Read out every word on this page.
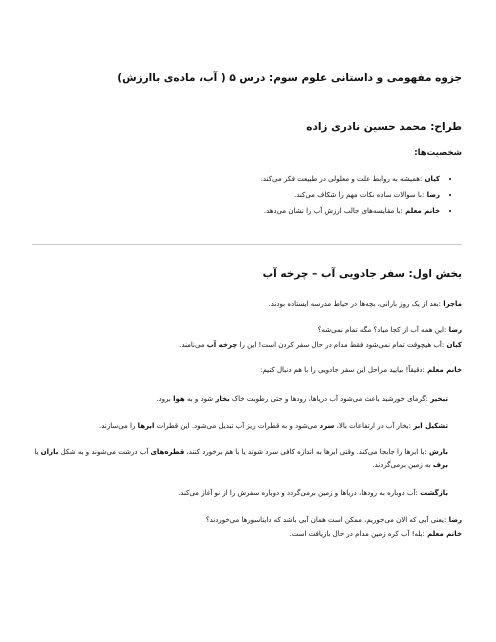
جزوه مفهومی و داستانی علوم سوم: درس ۵ ( آب، ماده‌ی باارزش)
طراح: محمد حسین نادری زاده
شخصیت‌ها:
• کیان :همیشه به روابط علت و معلولی در طبیعت فکر می‌کند.
• رضا :با سوالات ساده نکات مهم را شکاف می‌کند.
• خانم معلم :با مقایسه‌های جالب ارزش آب را نشان می‌دهد.
بخش اول: سفر جادویی آب – چرخه آب

ماجرا :بعد از یک روز بارانی، بچه‌ها در حیاط مدرسه ایستاده بودند.

رضا :این همه آب از کجا میاد؟ مگه تمام نمی‌شه؟

کیان :آب هیچوقت تمام نمی‌شود فقط مدام در حال سفر کردن است! این را چرخه آب می‌نامند.

خانم معلم :دقیقاً! بیایید مراحل این سفر جادویی را با هم دنبال کنیم:

تبخیر :گرمای خورشید باعث می‌شود آب دریاها، رودها و حتی رطوبت خاک بخار شود و به هوا برود.

تشکیل ابر :بخار آب در ارتفاعات بالا، سرد می‌شود و به قطرات ریز آب تبدیل می‌شود. این قطرات ابرها را می‌سازند.

بارش :با ابرها را جابجا می‌کند. وقتی ابرها به اندازه کافی سرد شوند یا با هم برخورد کنند، قطره‌های آب درشت می‌شوند و به شکل باران یا برف به زمین برمی‌گردند.

بازگشت :آب دوباره به رودها، دریاها و زمین برمی‌گردد و دوباره سفرش را از نو آغاز می‌کند.

رضا :یعنی آبی که الان می‌خوریم، ممکن است همان آبی باشد که دایناسورها می‌خوردند؟

خانم معلم :بله! آب کره زمین مدام در حال بازیافت است.
